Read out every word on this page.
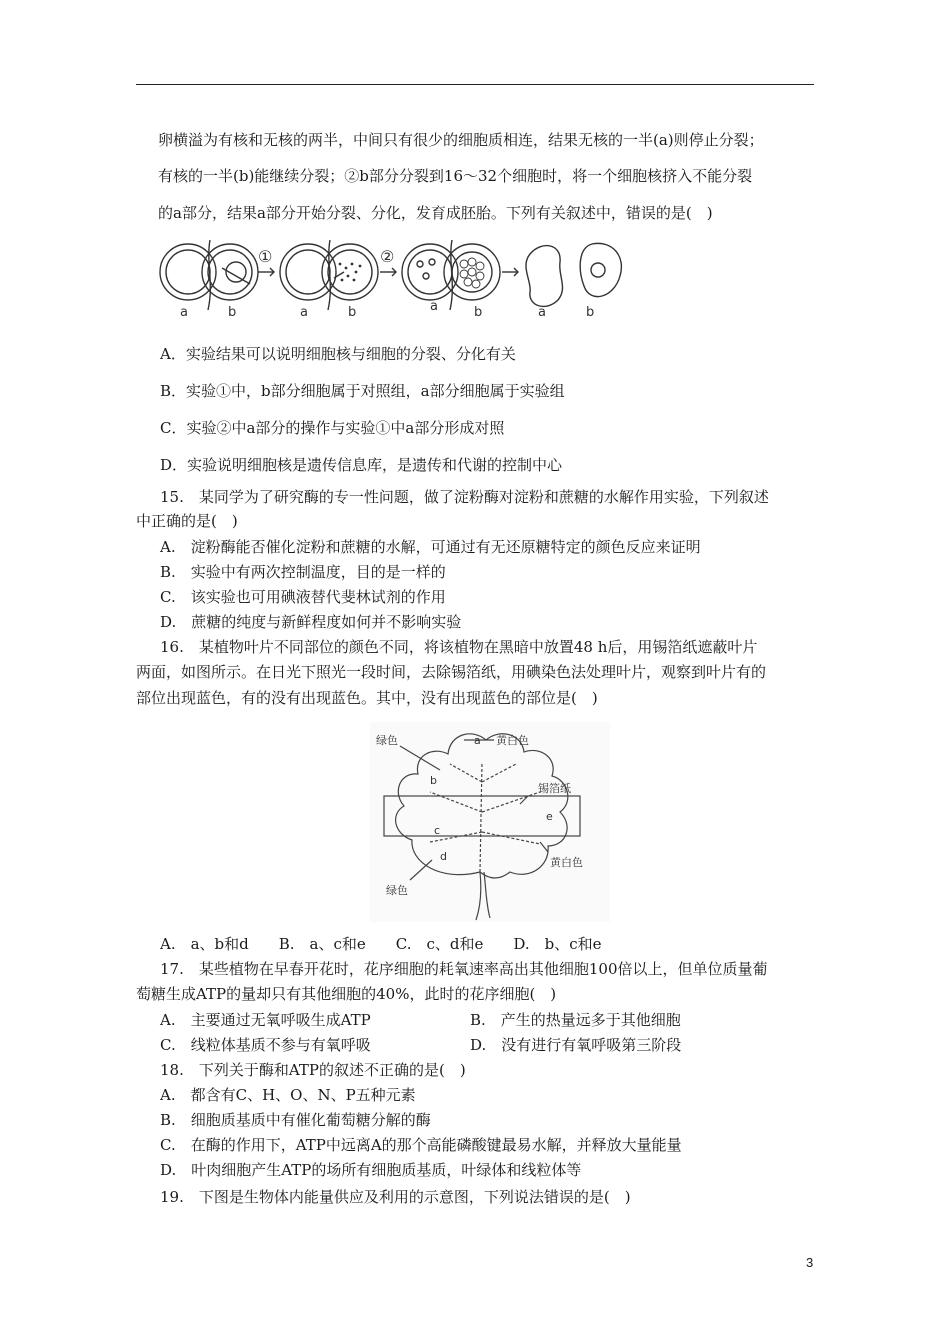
卵横溢为有核和无核的两半，中间只有很少的细胞质相连，结果无核的一半(a)则停止分裂；
有核的一半(b)能继续分裂；②b部分分裂到16～32个细胞时，将一个细胞核挤入不能分裂
的a部分，结果a部分开始分裂、分化，发育成胚胎。下列有关叙述中，错误的是(　)
①	②
a	b	a	b	a	b	a	b
A．实验结果可以说明细胞核与细胞的分裂、分化有关
B．实验①中，b部分细胞属于对照组，a部分细胞属于实验组
C．实验②中a部分的操作与实验①中a部分形成对照
D．实验说明细胞核是遗传信息库，是遗传和代谢的控制中心
15.　某同学为了研究酶的专一性问题，做了淀粉酶对淀粉和蔗糖的水解作用实验，下列叙述
中正确的是(　)
A.　淀粉酶能否催化淀粉和蔗糖的水解，可通过有无还原糖特定的颜色反应来证明
B.　实验中有两次控制温度，目的是一样的
C.　该实验也可用碘液替代斐林试剂的作用
D.　蔗糖的纯度与新鲜程度如何并不影响实验
16.　某植物叶片不同部位的颜色不同，将该植物在黑暗中放置48 h后，用锡箔纸遮蔽叶片
两面，如图所示。在日光下照光一段时间，去除锡箔纸，用碘染色法处理叶片，观察到叶片有的
部位出现蓝色，有的没有出现蓝色。其中，没有出现蓝色的部位是(　)
绿色	a 黄白色
b
锡箔纸
c
e
d
绿色
黄白色
A.　a、b和d　　B.　a、c和e　　C.　c、d和e　　D.　b、c和e
17.　某些植物在早春开花时，花序细胞的耗氧速率高出其他细胞100倍以上，但单位质量葡
萄糖生成ATP的量却只有其他细胞的40%，此时的花序细胞(　)
A.　主要通过无氧呼吸生成ATP	B.　产生的热量远多于其他细胞
C.　线粒体基质不参与有氧呼吸	D.　没有进行有氧呼吸第三阶段
18.　下列关于酶和ATP的叙述不正确的是(　)
A.　都含有C、H、O、N、P五种元素
B.　细胞质基质中有催化葡萄糖分解的酶
C.　在酶的作用下，ATP中远离A的那个高能磷酸键最易水解，并释放大量能量
D.　叶肉细胞产生ATP的场所有细胞质基质，叶绿体和线粒体等
19.　下图是生物体内能量供应及利用的示意图，下列说法错误的是(　)
3
